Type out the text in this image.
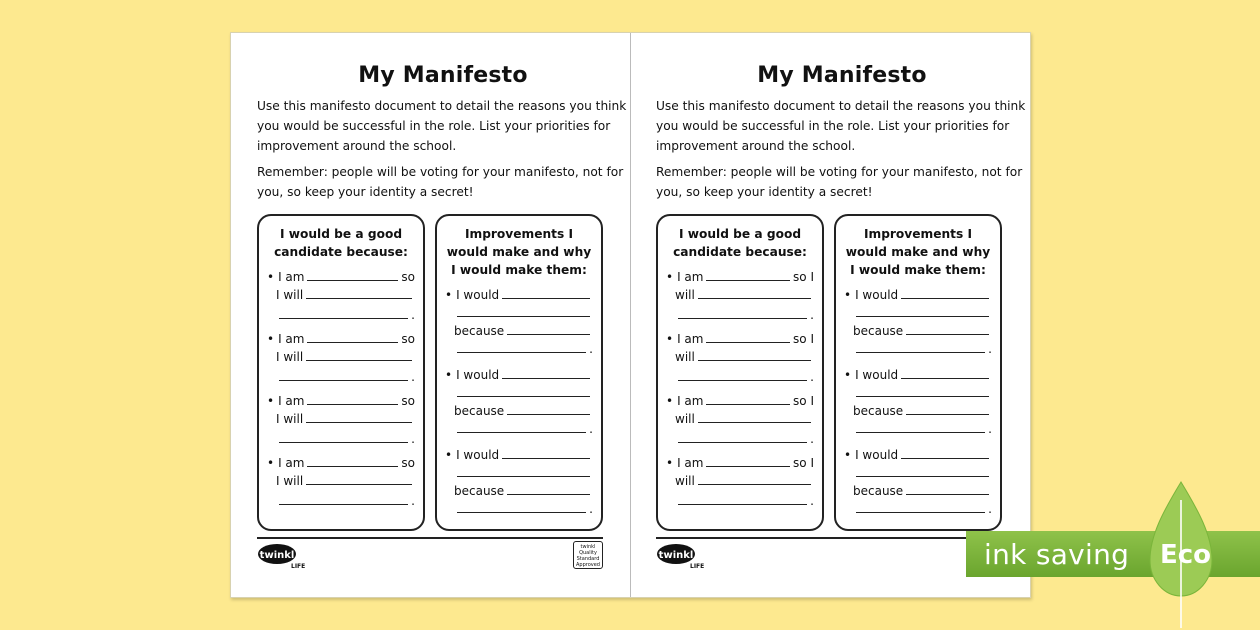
My Manifesto

Use this manifesto document to detail the reasons you think you would be successful in the role. List your priorities for improvement around the school.

Remember: people will be voting for your manifesto, not for you, so keep your identity a secret!

I would be a good candidate because:
• I am	so
I will
.
• I am	so
I will
.
• I am	so
I will
.
• I am	so
I will
.
Improvements I would make and why I would make them:
• I would
because
.
• I would
because
.
• I would
because
.
twinkl
LIFE
twinkl Quality Standard Approved
My Manifesto

Use this manifesto document to detail the reasons you think you would be successful in the role. List your priorities for improvement around the school.

Remember: people will be voting for your manifesto, not for you, so keep your identity a secret!

I would be a good candidate because:
• I am	so I
will
.
• I am	so I
will
.
• I am	so I
will
.
• I am	so I
will
.
Improvements I would make and why I would make them:
• I would
because
.
• I would
because
.
• I would
because
.
twinkl
LIFE	ink saving Eco
